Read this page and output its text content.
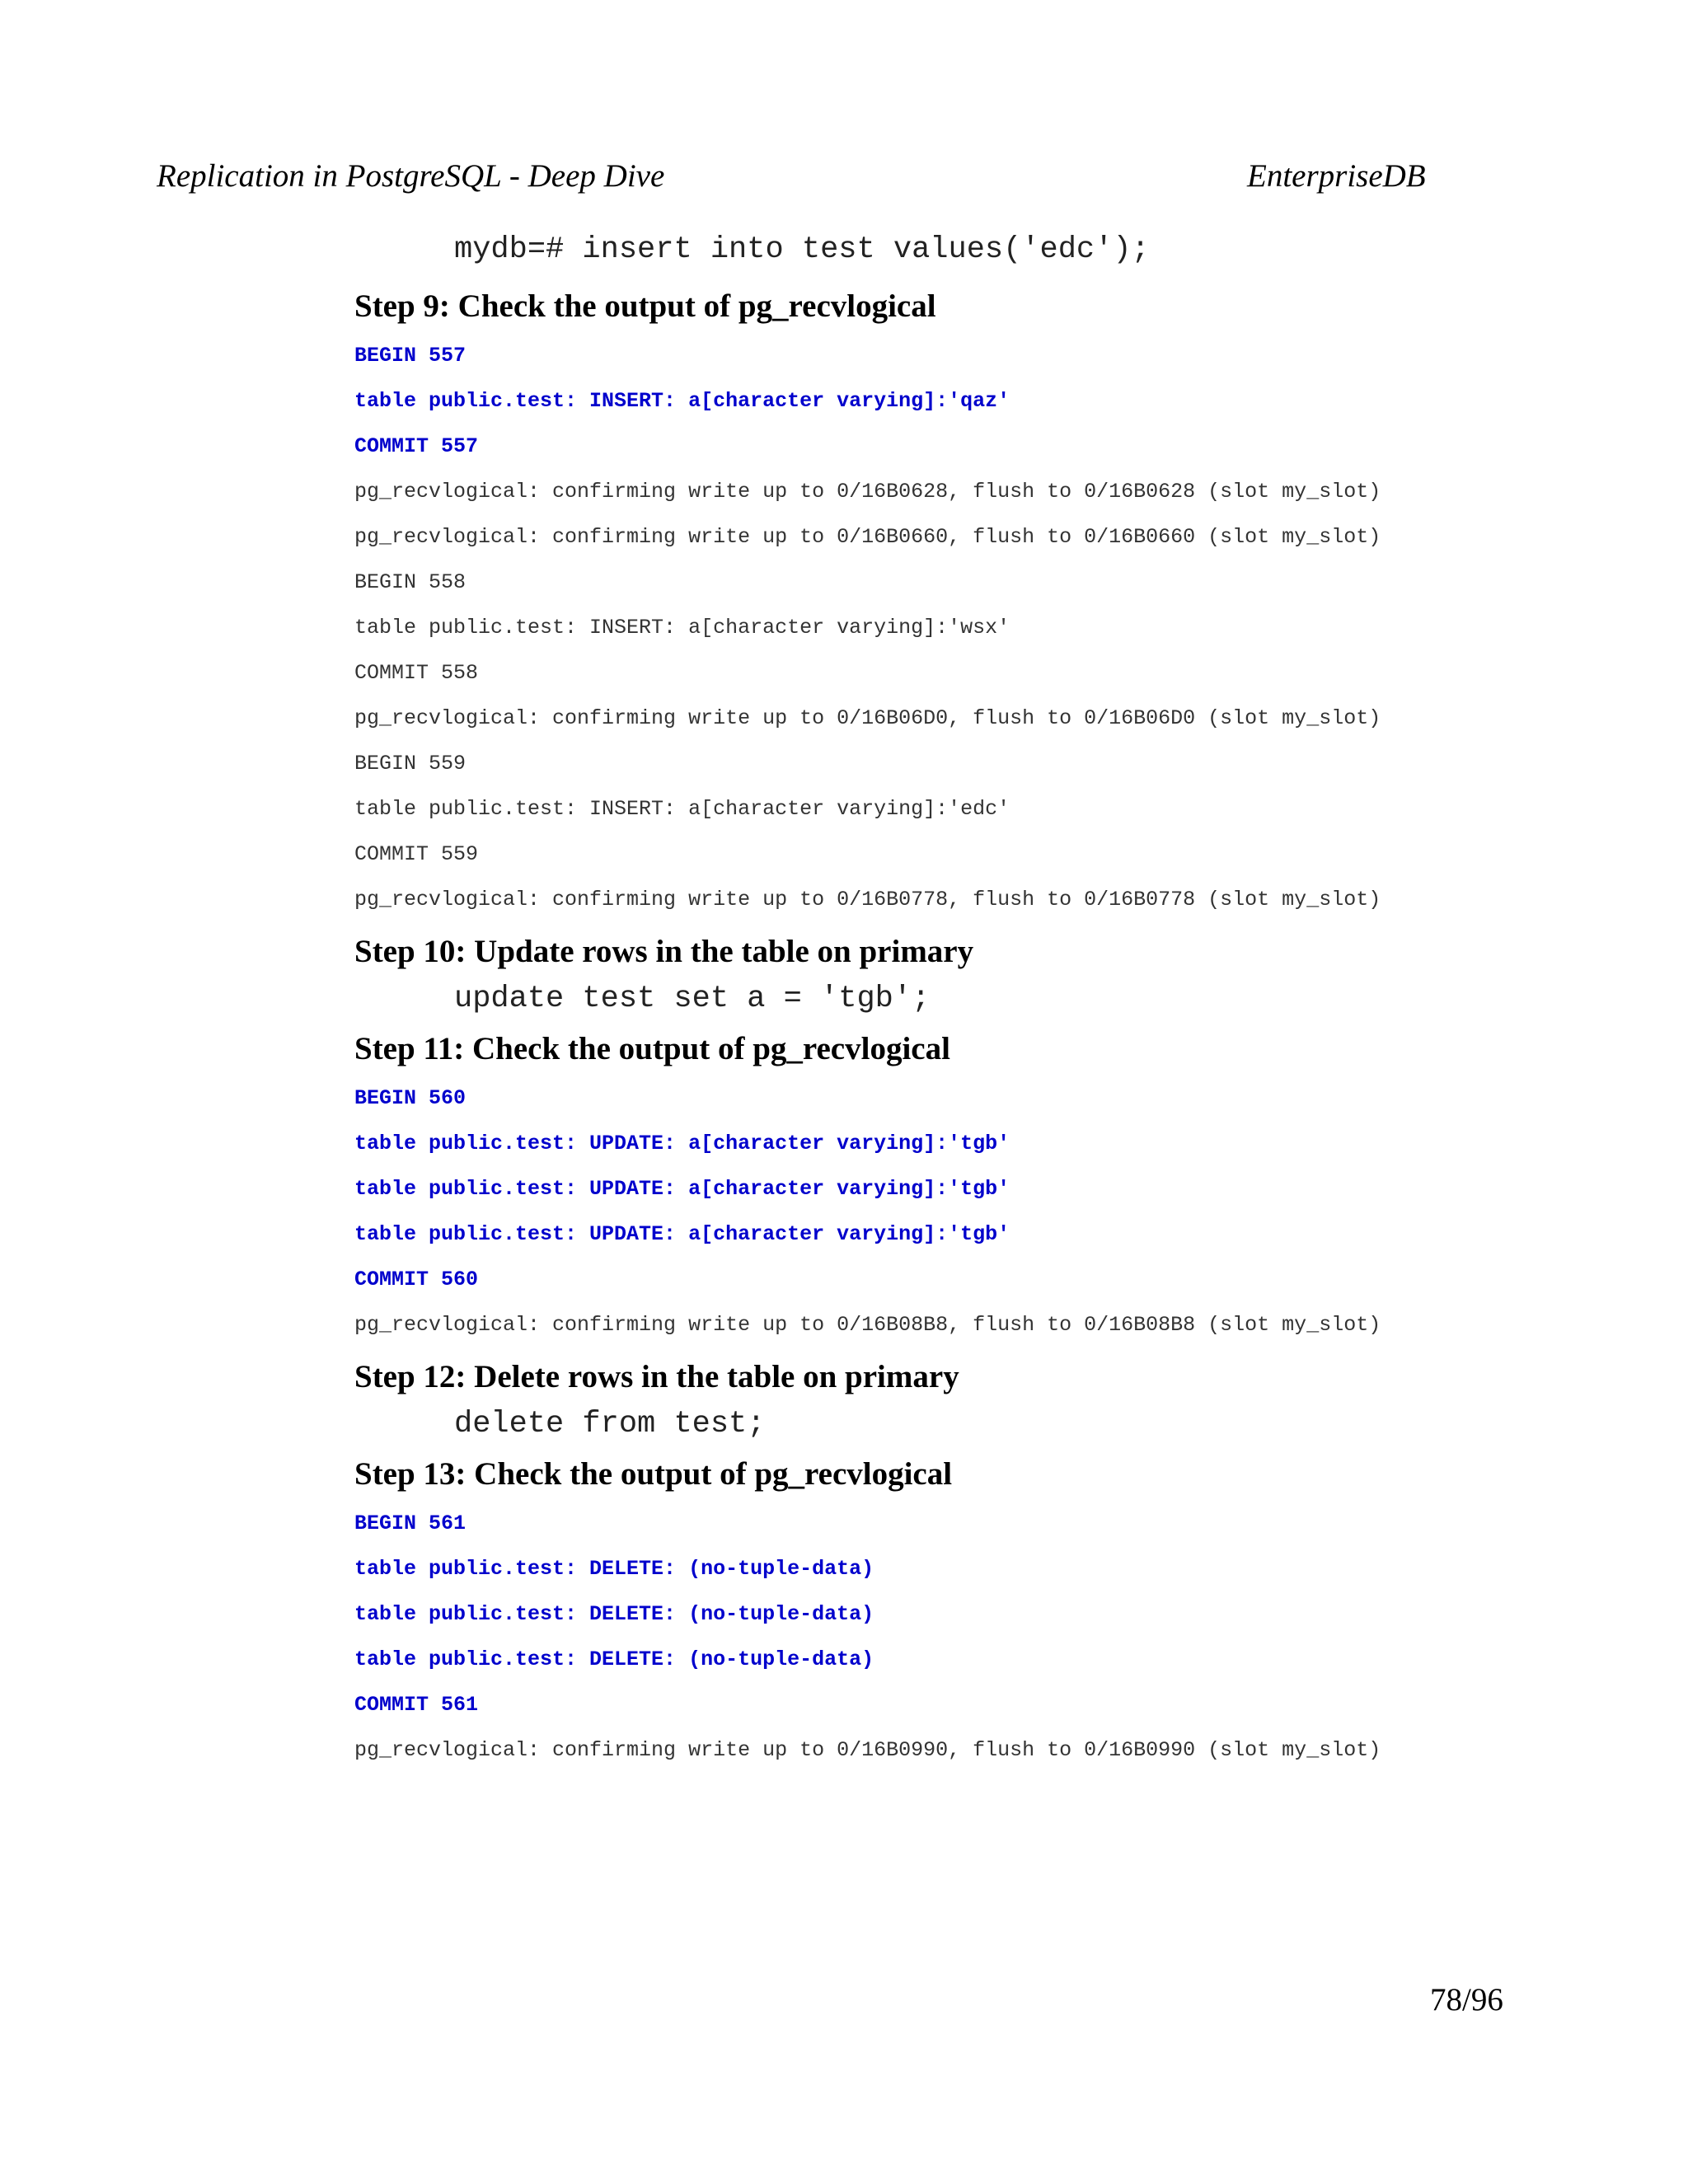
Replication in PostgreSQL - Deep Dive	EnterpriseDB
mydb=# insert into test values('edc');
Step 9: Check the output of pg_recvlogical
BEGIN 557
table public.test: INSERT: a[character varying]:'qaz'
COMMIT 557
pg_recvlogical: confirming write up to 0/16B0628, flush to 0/16B0628 (slot my_slot)
pg_recvlogical: confirming write up to 0/16B0660, flush to 0/16B0660 (slot my_slot)
BEGIN 558
table public.test: INSERT: a[character varying]:'wsx'
COMMIT 558
pg_recvlogical: confirming write up to 0/16B06D0, flush to 0/16B06D0 (slot my_slot)
BEGIN 559
table public.test: INSERT: a[character varying]:'edc'
COMMIT 559
pg_recvlogical: confirming write up to 0/16B0778, flush to 0/16B0778 (slot my_slot)
Step 10: Update rows in the table on primary
update test set a = 'tgb';
Step 11: Check the output of pg_recvlogical
BEGIN 560
table public.test: UPDATE: a[character varying]:'tgb'
table public.test: UPDATE: a[character varying]:'tgb'
table public.test: UPDATE: a[character varying]:'tgb'
COMMIT 560
pg_recvlogical: confirming write up to 0/16B08B8, flush to 0/16B08B8 (slot my_slot)
Step 12: Delete rows in the table on primary
delete from test;
Step 13: Check the output of pg_recvlogical
BEGIN 561
table public.test: DELETE: (no-tuple-data)
table public.test: DELETE: (no-tuple-data)
table public.test: DELETE: (no-tuple-data)
COMMIT 561
pg_recvlogical: confirming write up to 0/16B0990, flush to 0/16B0990 (slot my_slot)
78/96
